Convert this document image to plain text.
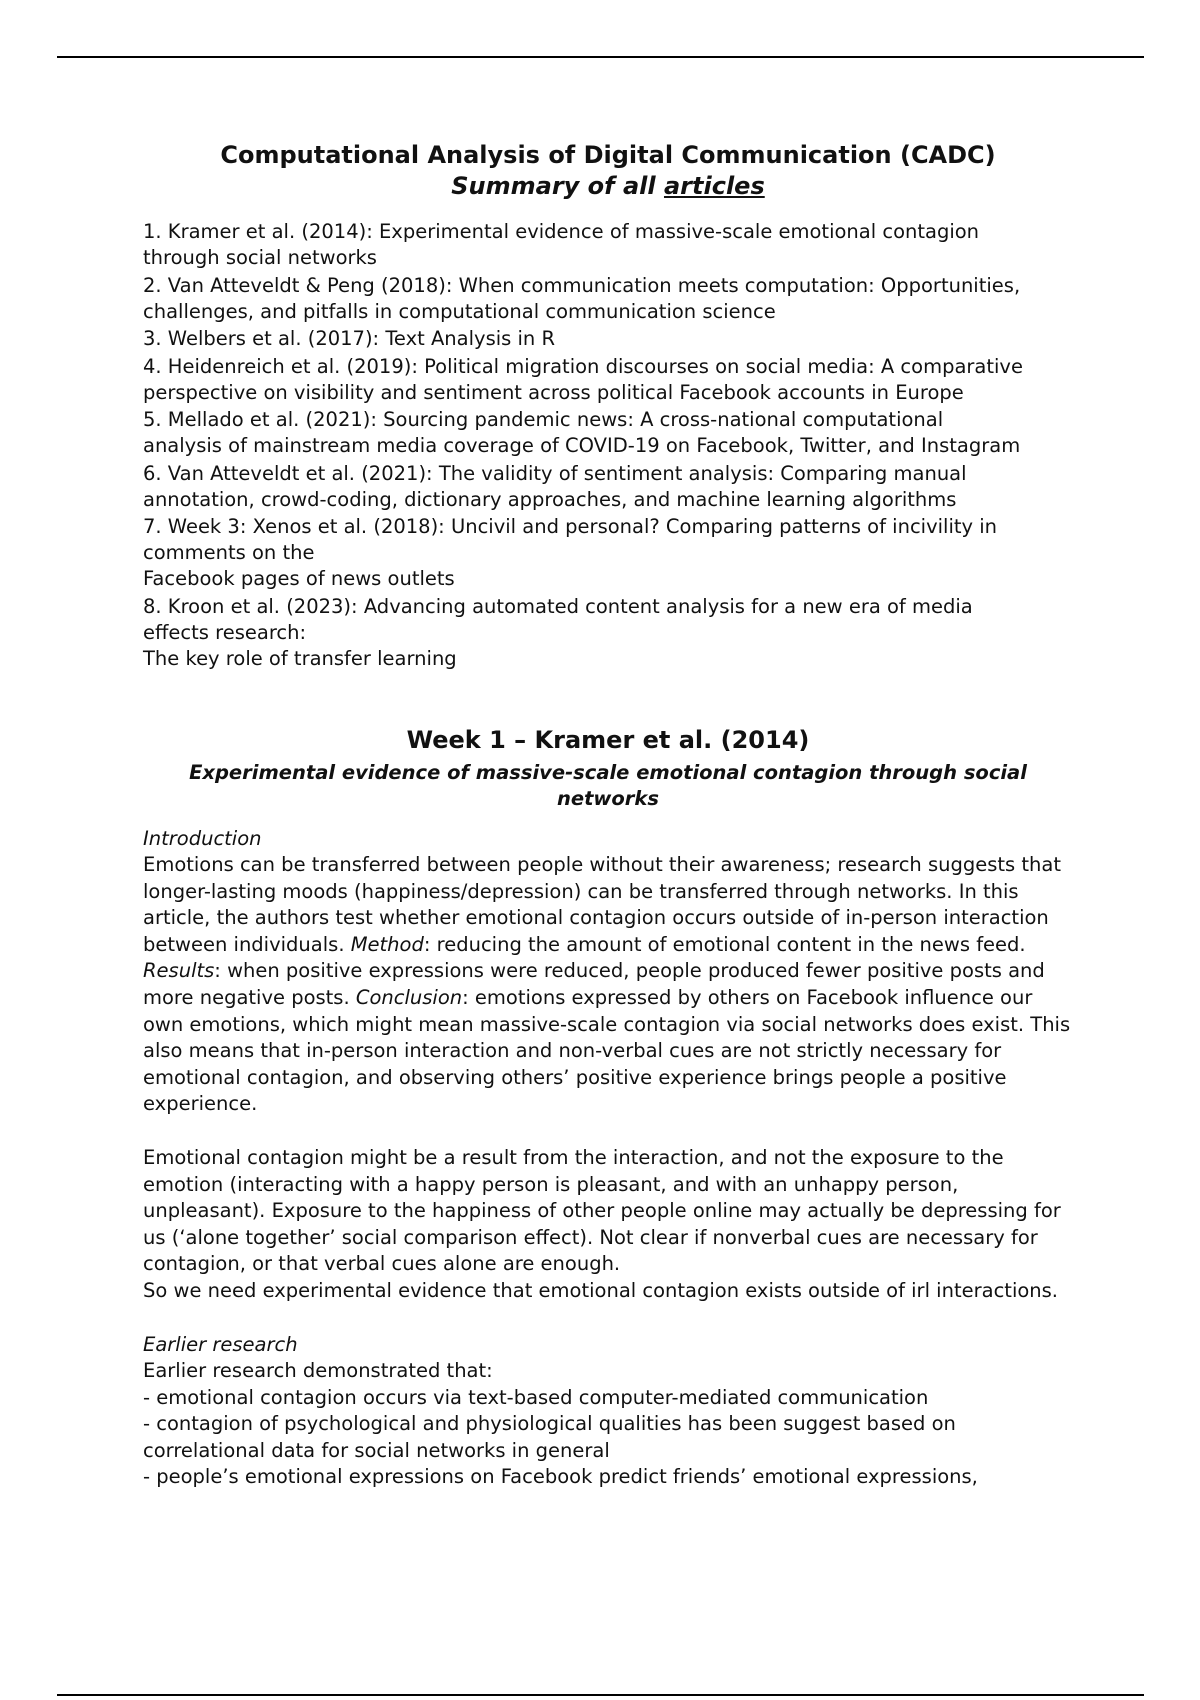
Computational Analysis of Digital Communication (CADC)

Summary of all articles

1. Kramer et al. (2014): Experimental evidence of massive-scale emotional contagion
through social networks
2. Van Atteveldt & Peng (2018): When communication meets computation: Opportunities,
challenges, and pitfalls in computational communication science
3. Welbers et al. (2017): Text Analysis in R
4. Heidenreich et al. (2019): Political migration discourses on social media: A comparative
perspective on visibility and sentiment across political Facebook accounts in Europe
5. Mellado et al. (2021): Sourcing pandemic news: A cross-national computational
analysis of mainstream media coverage of COVID-19 on Facebook, Twitter, and Instagram
6. Van Atteveldt et al. (2021): The validity of sentiment analysis: Comparing manual
annotation, crowd-coding, dictionary approaches, and machine learning algorithms
7. Week 3: Xenos et al. (2018): Uncivil and personal? Comparing patterns of incivility in
comments on the
Facebook pages of news outlets
8. Kroon et al. (2023): Advancing automated content analysis for a new era of media
effects research:
The key role of transfer learning
Week 1 – Kramer et al. (2014)

Experimental evidence of massive-scale emotional contagion through social networks

Introduction

Emotions can be transferred between people without their awareness; research suggests that longer-lasting moods (happiness/depression) can be transferred through networks. In this article, the authors test whether emotional contagion occurs outside of in-person interaction between individuals. Method: reducing the amount of emotional content in the news feed. Results: when positive expressions were reduced, people produced fewer positive posts and more negative posts. Conclusion: emotions expressed by others on Facebook influence our own emotions, which might mean massive-scale contagion via social networks does exist. This also means that in-person interaction and non-verbal cues are not strictly necessary for emotional contagion, and observing others’ positive experience brings people a positive experience.

Emotional contagion might be a result from the interaction, and not the exposure to the emotion (interacting with a happy person is pleasant, and with an unhappy person, unpleasant). Exposure to the happiness of other people online may actually be depressing for us (‘alone together’ social comparison effect). Not clear if nonverbal cues are necessary for contagion, or that verbal cues alone are enough.

So we need experimental evidence that emotional contagion exists outside of irl interactions.

Earlier research

Earlier research demonstrated that:

- emotional contagion occurs via text-based computer-mediated communication

- contagion of psychological and physiological qualities has been suggest based on correlational data for social networks in general

- people’s emotional expressions on Facebook predict friends’ emotional expressions,
